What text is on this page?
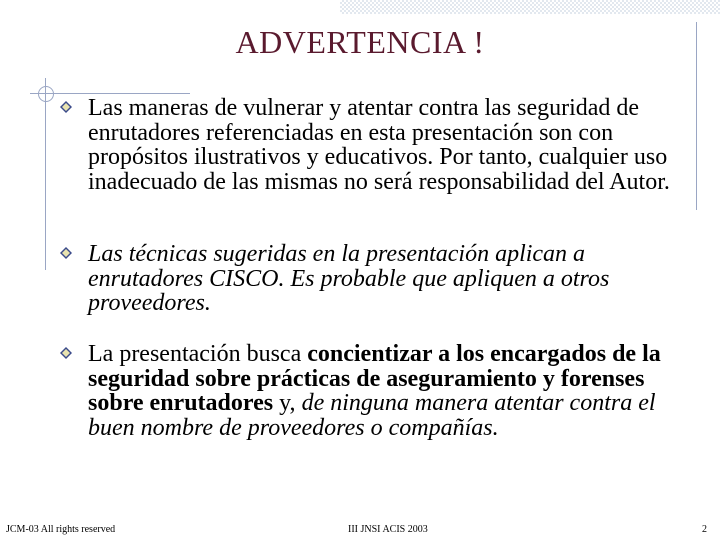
ADVERTENCIA !
Las maneras de vulnerar y atentar contra las seguridad de enrutadores referenciadas en esta presentación son con propósitos ilustrativos y educativos. Por tanto, cualquier uso inadecuado de las mismas no será responsabilidad del Autor.
Las técnicas sugeridas en la presentación aplican a enrutadores CISCO. Es probable que apliquen a otros proveedores.
La presentación busca concientizar a los encargados de la seguridad sobre prácticas de aseguramiento y forenses sobre enrutadores y, de ninguna manera atentar contra el buen nombre de proveedores o compañías.
JCM-03 All rights reserved	III JNSI ACIS 2003	2
